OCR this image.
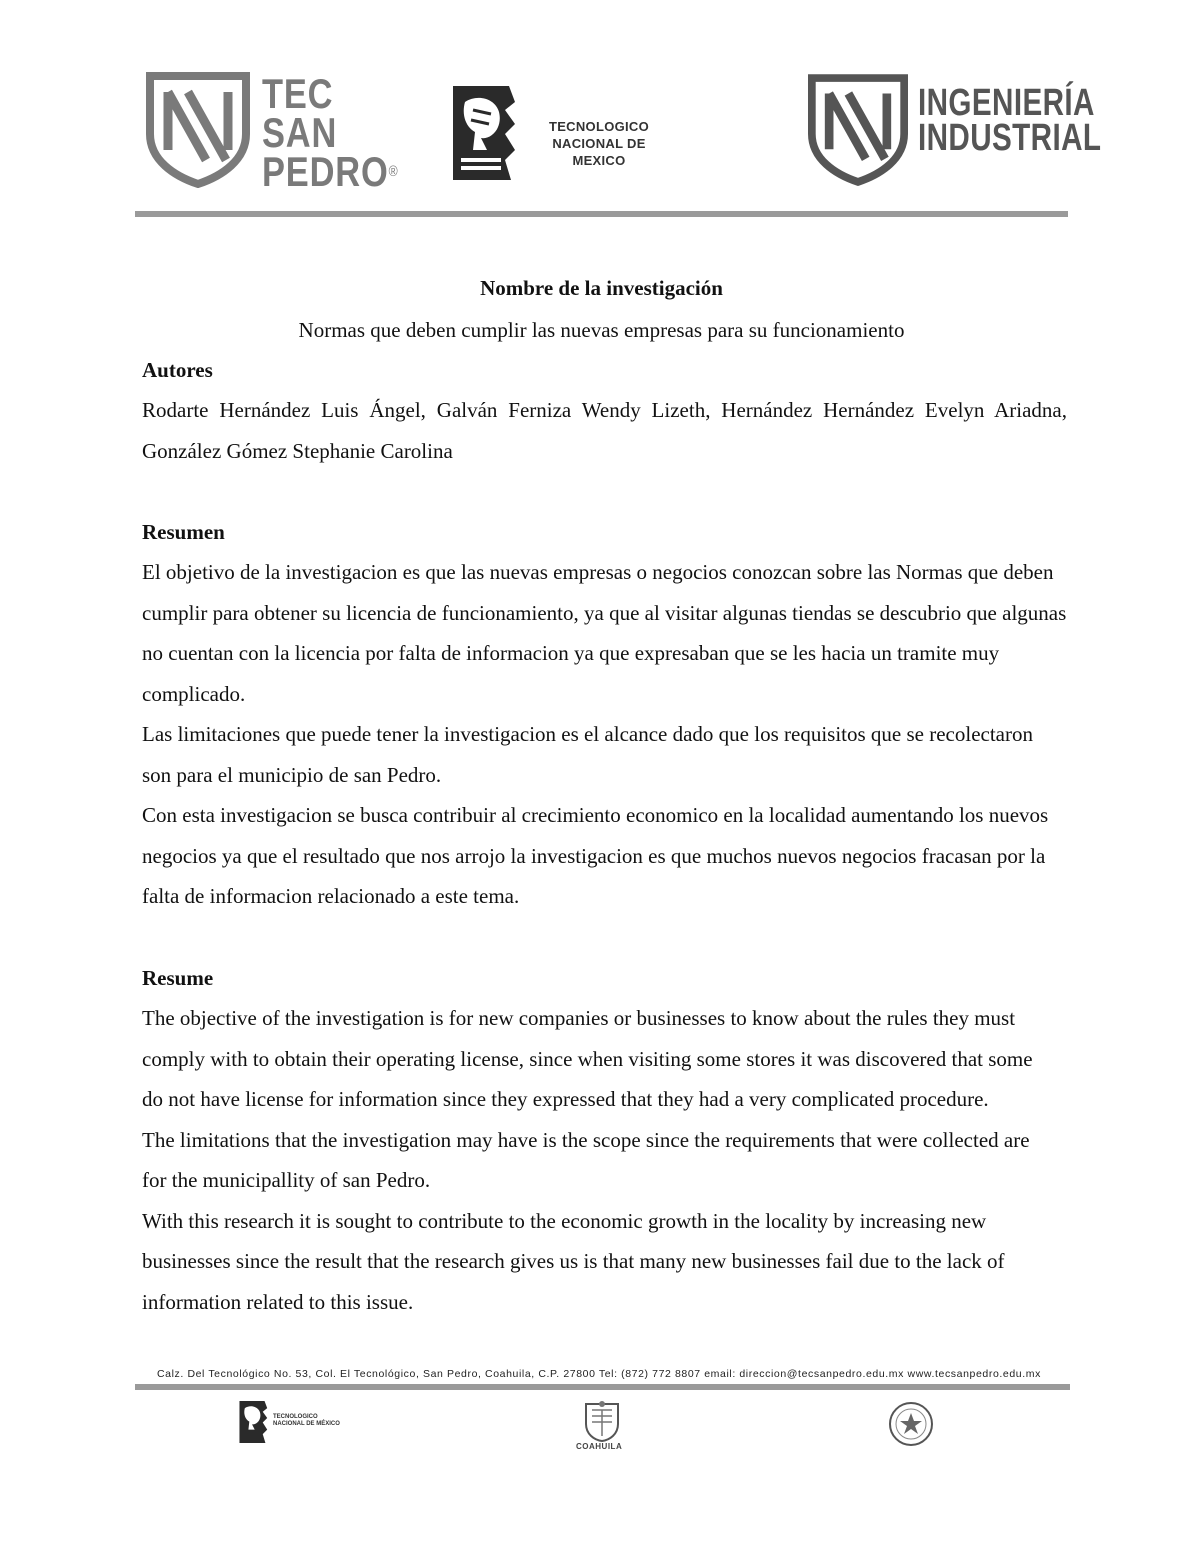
TEC
SAN
PEDRO®
TECNOLOGICO
NACIONAL DE MEXICO
INGENIERÍA
INDUSTRIAL
Nombre de la investigación
Normas que deben cumplir las nuevas empresas para su funcionamiento
Autores
Rodarte Hernández Luis Ángel, Galván Ferniza Wendy Lizeth, Hernández Hernández Evelyn Ariadna, González Gómez Stephanie Carolina
Resumen
El objetivo de la investigacion es que las nuevas empresas o negocios conozcan sobre las Normas que deben cumplir para obtener su licencia de funcionamiento, ya que al visitar algunas tiendas se descubrio que algunas no cuentan con la licencia por falta de informacion ya que expresaban que se les hacia un tramite muy complicado.
Las limitaciones que puede tener la investigacion es el alcance dado que los requisitos que se recolectaron son para el municipio de san Pedro.
Con esta investigacion se busca contribuir al crecimiento economico en la localidad aumentando los nuevos negocios ya que el resultado que nos arrojo la investigacion es que muchos nuevos negocios fracasan por la falta de informacion relacionado a este tema.
Resume
The objective of the investigation is for new companies or businesses to know about the rules they must comply with to obtain their operating license, since when visiting some stores it was discovered that some do not have license for information since they expressed that they had a very complicated procedure.
The limitations that the investigation may have is the scope since the requirements that were collected are for the municipallity of san Pedro.
With this research it is sought to contribute to the economic growth in the locality by increasing new businesses since the result that the research gives us is that many new businesses fail due to the lack of information related to this issue.
Calz. Del Tecnológico No. 53, Col. El Tecnológico, San Pedro, Coahuila, C.P. 27800 Tel: (872) 772 8807 email: direccion@tecsanpedro.edu.mx www.tecsanpedro.edu.mx
TECNOLOGICO
NACIONAL DE MÉXICO
COAHUILA
